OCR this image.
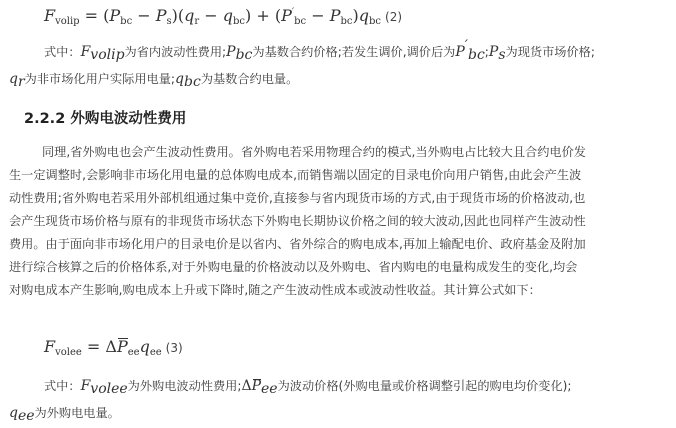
$F_{volip} = (P_{bc} - P_s)(q_r - q_{bc}) + (P'_{bc} - P_{bc})q_{bc}$ (2)
式中：$F_{volip}$为省内波动性费用$;P_{bc}$为基数合约价格;若发生调价,调价后为$P'_{bc};P_s$为现货市场价格;
$q_r$为非市场化用户实际用电量$;q_{bc}$为基数合约电量。
2.2.2 外购电波动性费用
同理,省外购电也会产生波动性费用。省外购电若采用物理合约的模式,当外购电占比较大且合约电价发
生一定调整时,会影响非市场化用电量的总体购电成本,而销售端以固定的目录电价向用户销售,由此会产生波
动性费用;省外购电若采用外部机组通过集中竞价,直接参与省内现货市场的方式,由于现货市场的价格波动,也
会产生现货市场价格与原有的非现货市场状态下外购电长期协议价格之间的较大波动,因此也同样产生波动性
费用。由于面向非市场化用户的目录电价是以省内、省外综合的购电成本,再加上输配电价、政府基金及附加
进行综合核算之后的价格体系,对于外购电量的价格波动以及外购电、省内购电的电量构成发生的变化,均会
对购电成本产生影响,购电成本上升或下降时,随之产生波动性成本或波动性收益。其计算公式如下：
$F_{volee} = \Delta P_{ee}q_{ee}$ (3)
式中：$F_{volee}$为外购电波动性费用$;\Delta P_{ee}$为波动价格(外购电量或价格调整引起的购电均价变化);
$q_{ee}$为外购电电量。
